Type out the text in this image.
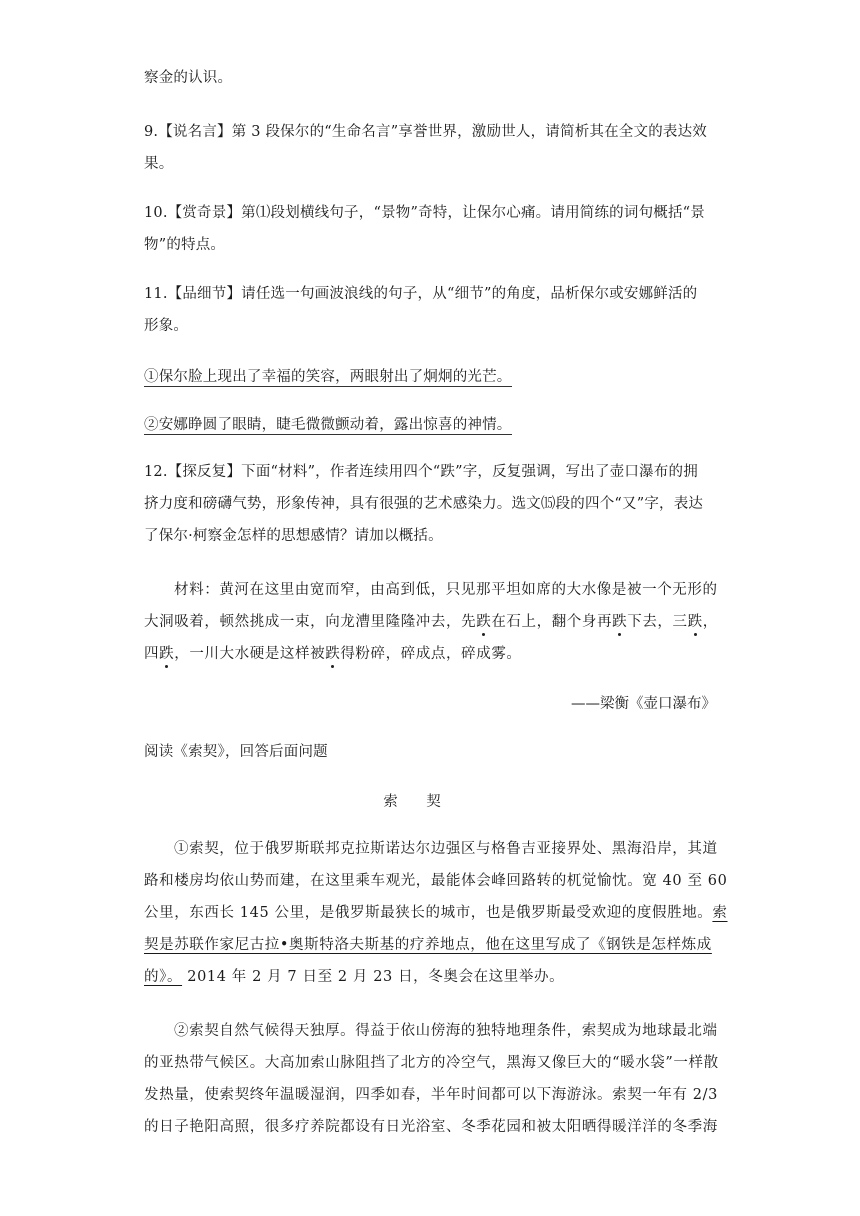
察金的认识。
9.【说名言】第 3 段保尔的“生命名言”享誉世界，激励世人，请简析其在全文的表达效
果。
10.【赏奇景】第⑴段划横线句子，“景物”奇特，让保尔心痛。请用简练的词句概括“景
物”的特点。
11.【品细节】请任选一句画波浪线的句子，从“细节”的角度，品析保尔或安娜鲜活的
形象。
①保尔脸上现出了幸福的笑容，两眼射出了炯炯的光芒。
②安娜睁圆了眼睛，睫毛微微颤动着，露出惊喜的神情。
12.【探反复】下面“材料”，作者连续用四个“跌”字，反复强调，写出了壶口瀑布的拥
挤力度和磅礴气势，形象传神，具有很强的艺术感染力。选文⒂段的四个“又”字，表达
了保尔·柯察金怎样的思想感情？请加以概括。
材料：黄河在这里由宽而窄，由高到低，只见那平坦如席的大水像是被一个无形的
大洞吸着，顿然挑成一束，向龙漕里隆隆冲去，先跌在石上，翻个身再跌下去，三跌，
四跌，一川大水硬是这样被跌得粉碎，碎成点，碎成雾。
——梁衡《壶口瀑布》
阅读《索契》，回答后面问题
索 契
①索契，位于俄罗斯联邦克拉斯诺达尔边强区与格鲁吉亚接界处、黑海沿岸，其道
路和楼房均依山势而建，在这里乘车观光，最能体会峰回路转的杌觉愉忱。宽 40 至 60
公里，东西长 145 公里，是俄罗斯最狭长的城市，也是俄罗斯最受欢迎的度假胜地。索
契是苏联作家尼古拉•奥斯特洛夫斯基的疗养地点，他在这里写成了《钢铁是怎样炼成
的》。 2014 年 2 月 7 日至 2 月 23 日，冬奥会在这里举办。
②索契自然气候得天独厚。得益于依山傍海的独特地理条件，索契成为地球最北端
的亚热带气候区。大高加索山脉阻挡了北方的冷空气，黑海又像巨大的“暖水袋”一样散
发热量，使索契终年温暖湿润，四季如春，半年时间都可以下海游泳。索契一年有 2/3
的日子艳阳高照，很多疗养院都设有日光浴室、冬季花园和被太阳晒得暖洋洋的冬季海
